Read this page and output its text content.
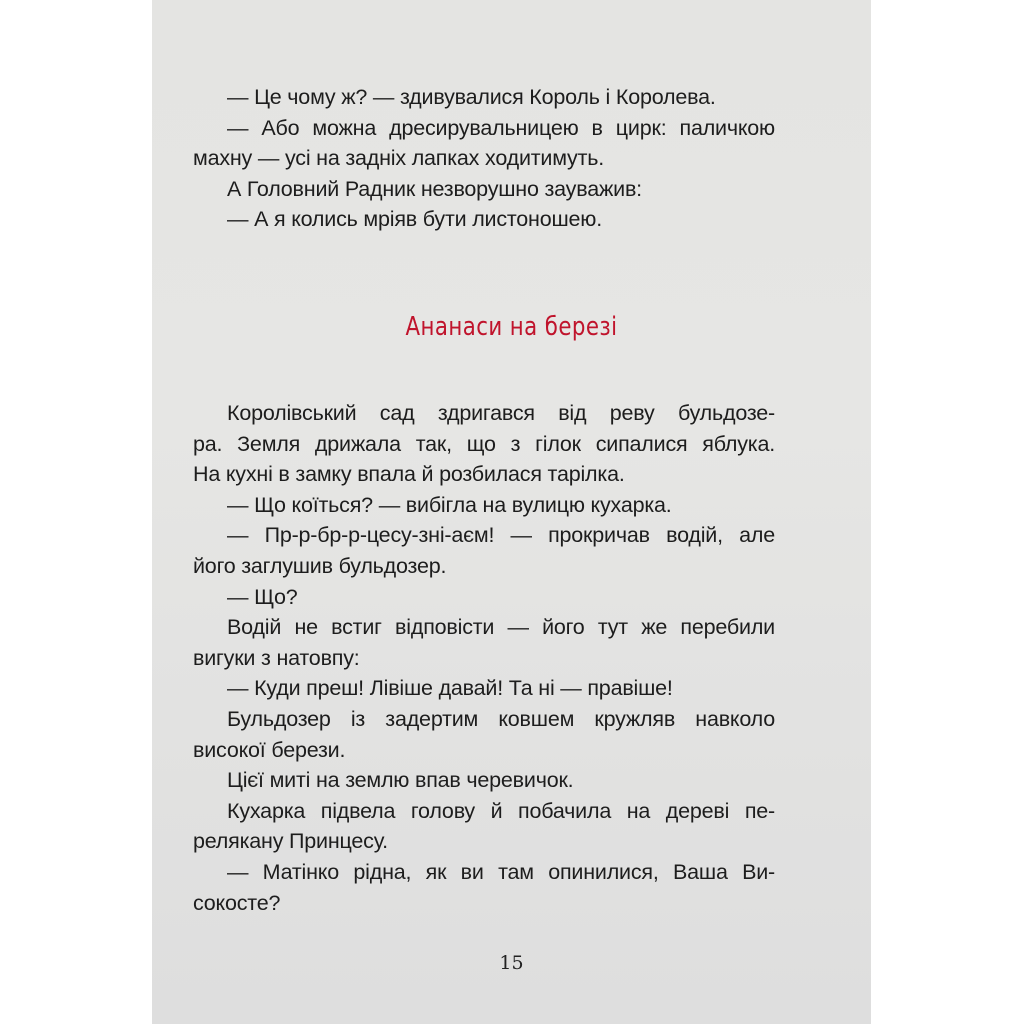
— Це чому ж? — здивувалися Король і Королева.
— Або можна дресирувальницею в цирк: паличкою
махну — усі на задніх лапках ходитимуть.
А Головний Радник незворушно зауважив:
— А я колись мріяв бути листоношею.
Ананаси на березі
Королівський сад здригався від реву бульдозе-
ра. Земля дрижала так, що з гілок сипалися яблука.
На кухні в замку впала й розбилася тарілка.
— Що коїться? — вибігла на вулицю кухарка.
— Пр-р-бр-р-цесу-зні-аєм! — прокричав водій, але
його заглушив бульдозер.
— Що?
Водій не встиг відповісти — його тут же перебили
вигуки з натовпу:
— Куди преш! Лівіше давай! Та ні — правіше!
Бульдозер із задертим ковшем кружляв навколо
високої берези.
Цієї миті на землю впав черевичок.
Кухарка підвела голову й побачила на дереві пе-
релякану Принцесу.
— Матінко рідна, як ви там опинилися, Ваша Ви-
сокосте?
15
